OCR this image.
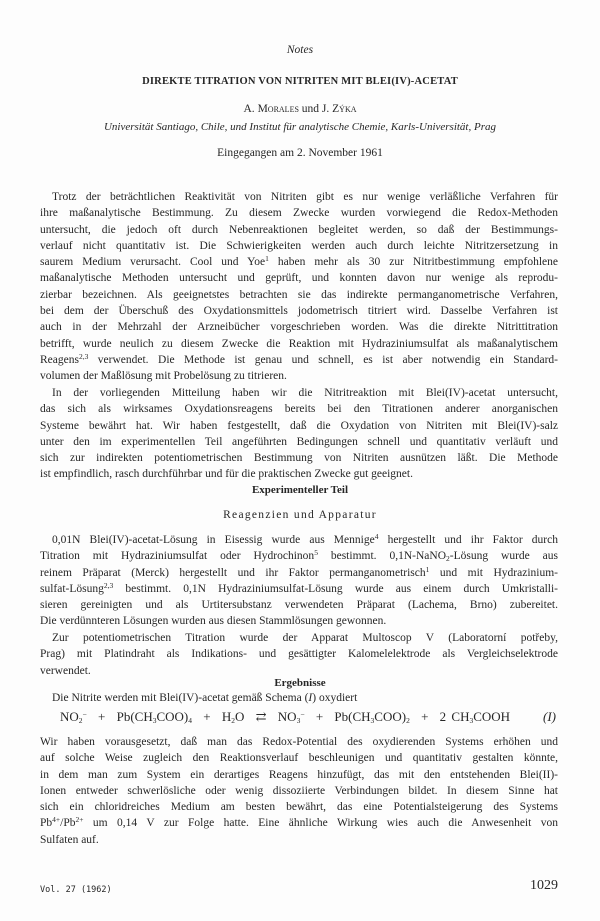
Notes
DIREKTE TITRATION VON NITRITEN MIT BLEI(IV)-ACETAT
A. Morales und J. Zýka
Universität Santiago, Chile, und Institut für analytische Chemie, Karls-Universität, Prag
Eingegangen am 2. November 1961
Trotz der beträchtlichen Reaktivität von Nitriten gibt es nur wenige verläßliche Verfahren für
ihre maßanalytische Bestimmung. Zu diesem Zwecke wurden vorwiegend die Redox-Methoden
untersucht, die jedoch oft durch Nebenreaktionen begleitet werden, so daß der Bestimmungs-
verlauf nicht quantitativ ist. Die Schwierigkeiten werden auch durch leichte Nitritzersetzung in
saurem Medium verursacht. Cool und Yoe$^1$ haben mehr als 30 zur Nitritbestimmung empfohlene
maßanalytische Methoden untersucht und geprüft, und konnten davon nur wenige als reprodu-
zierbar bezeichnen. Als geeignetstes betrachten sie das indirekte permanganometrische Verfahren,
bei dem der Überschuß des Oxydationsmittels jodometrisch titriert wird. Dasselbe Verfahren ist
auch in der Mehrzahl der Arzneibücher vorgeschrieben worden. Was die direkte Nitrittitration
betrifft, wurde neulich zu diesem Zwecke die Reaktion mit Hydraziniumsulfat als maßanalytischem
Reagens$^{2,3}$ verwendet. Die Methode ist genau und schnell, es ist aber notwendig ein Standard-
volumen der Maßlösung mit Probelösung zu titrieren.
In der vorliegenden Mitteilung haben wir die Nitritreaktion mit Blei(IV)-acetat untersucht,
das sich als wirksames Oxydationsreagens bereits bei den Titrationen anderer anorganischen
Systeme bewährt hat. Wir haben festgestellt, daß die Oxydation von Nitriten mit Blei(IV)-salz
unter den im experimentellen Teil angeführten Bedingungen schnell und quantitativ verläuft und
sich zur indirekten potentiometrischen Bestimmung von Nitriten ausnützen läßt. Die Methode
ist empfindlich, rasch durchführbar und für die praktischen Zwecke gut geeignet.
Experimenteller Teil
Reagenzien und Apparatur
0,01N Blei(IV)-acetat-Lösung in Eisessig wurde aus Mennige$^4$ hergestellt und ihr Faktor durch
Titration mit Hydraziniumsulfat oder Hydrochinon$^5$ bestimmt. 0,1N-NaNO$_2$-Lösung wurde aus
reinem Präparat (Merck) hergestellt und ihr Faktor permanganometrisch$^1$ und mit Hydrazinium-
sulfat-Lösung$^{2,3}$ bestimmt. 0,1N Hydraziniumsulfat-Lösung wurde aus einem durch Umkristalli-
sieren gereinigten und als Urtitersubstanz verwendeten Präparat (Lachema, Brno) zubereitet.
Die verdünnteren Lösungen wurden aus diesen Stammlösungen gewonnen.
Zur potentiometrischen Titration wurde der Apparat Multoscop V (Laboratorní potřeby,
Prag) mit Platindraht als Indikations- und gesättigter Kalomelelektrode als Vergleichselektrode
verwendet.
Ergebnisse
Die Nitrite werden mit Blei(IV)-acetat gemäß Schema (I) oxydiert
$NO_2^- + Pb(CH_3COO)_4 + H_2O$ ⇄ $NO_3^- + Pb(CH_3COO)_2 + 2$ $CH_3COOH$	(I)
Wir haben vorausgesetzt, daß man das Redox-Potential des oxydierenden Systems erhöhen und
auf solche Weise zugleich den Reaktionsverlauf beschleunigen und quantitativ gestalten könnte,
in dem man zum System ein derartiges Reagens hinzufügt, das mit den entstehenden Blei(II)-
Ionen entweder schwerlösliche oder wenig dissoziierte Verbindungen bildet. In diesem Sinne hat
sich ein chloridreiches Medium am besten bewährt, das eine Potentialsteigerung des Systems
$Pb^{4+}/Pb^{2+}$ um 0,14 V zur Folge hatte. Eine ähnliche Wirkung wies auch die Anwesenheit von
Sulfaten auf.
Vol. 27 (1962)	1029
